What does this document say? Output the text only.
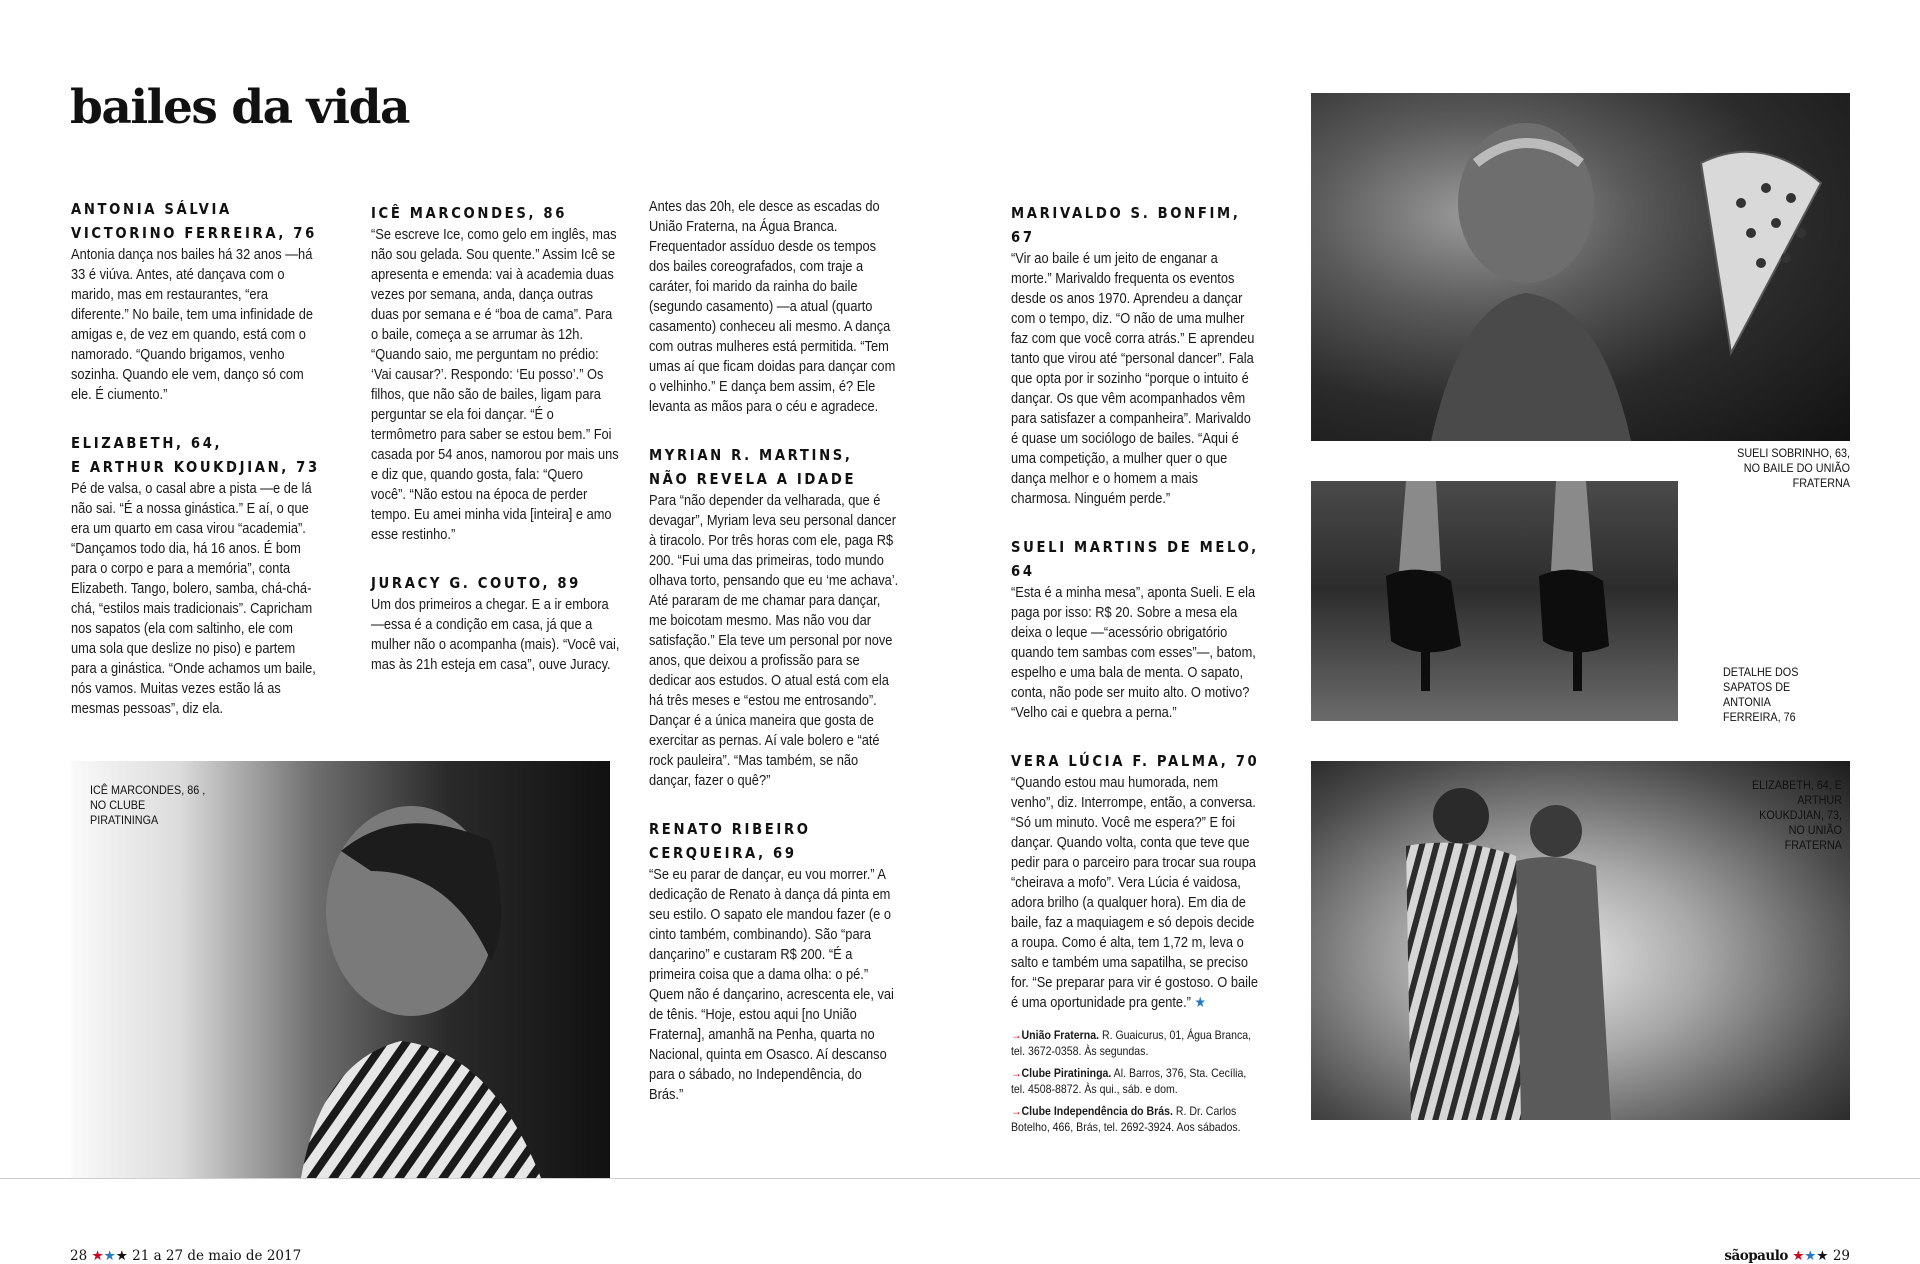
bailes da vida

ANTONIA SÁLVIA
VICTORINO FERREIRA, 76

Antonia dança nos bailes há 32 anos —há 33 é viúva. Antes, até dançava com o marido, mas em restaurantes, “era diferente.” No baile, tem uma infinidade de amigas e, de vez em quando, está com o namorado. “Quando brigamos, venho sozinha. Quando ele vem, danço só com ele. É ciumento.”

ELIZABETH, 64,
E ARTHUR KOUKDJIAN, 73

Pé de valsa, o casal abre a pista —e de lá não sai. “É a nossa ginástica.” E aí, o que era um quarto em casa virou “academia”. “Dançamos todo dia, há 16 anos. É bom para o corpo e para a memória”, conta Elizabeth. Tango, bolero, samba, chá-chá-chá, “estilos mais tradicionais”. Capricham nos sapatos (ela com saltinho, ele com uma sola que deslize no piso) e partem para a ginástica. “Onde achamos um baile, nós vamos. Muitas vezes estão lá as mesmas pessoas”, diz ela.

ICÊ MARCONDES, 86

“Se escreve Ice, como gelo em inglês, mas não sou gelada. Sou quente.” Assim Icê se apresenta e emenda: vai à academia duas vezes por semana, anda, dança outras duas por semana e é “boa de cama”. Para o baile, começa a se arrumar às 12h. “Quando saio, me perguntam no prédio: ‘Vai causar?’. Respondo: ‘Eu posso’.” Os filhos, que não são de bailes, ligam para perguntar se ela foi dançar. “É o termômetro para saber se estou bem.” Foi casada por 54 anos, namorou por mais uns e diz que, quando gosta, fala: “Quero você”. “Não estou na época de perder tempo. Eu amei minha vida [inteira] e amo esse restinho.”

JURACY G. COUTO, 89

Um dos primeiros a chegar. E a ir embora —essa é a condição em casa, já que a mulher não o acompanha (mais). “Você vai, mas às 21h esteja em casa”, ouve Juracy.

Antes das 20h, ele desce as escadas do União Fraterna, na Água Branca. Frequentador assíduo desde os tempos dos bailes coreografados, com traje a caráter, foi marido da rainha do baile (segundo casamento) —a atual (quarto casamento) conheceu ali mesmo. A dança com outras mulheres está permitida. “Tem umas aí que ficam doidas para dançar com o velhinho.” E dança bem assim, é? Ele levanta as mãos para o céu e agradece.

MYRIAN R. MARTINS,
NÃO REVELA A IDADE

Para “não depender da velharada, que é devagar”, Myriam leva seu personal dancer à tiracolo. Por três horas com ele, paga R$ 200. “Fui uma das primeiras, todo mundo olhava torto, pensando que eu ‘me achava’. Até pararam de me chamar para dançar, me boicotam mesmo. Mas não vou dar satisfação.” Ela teve um personal por nove anos, que deixou a profissão para se dedicar aos estudos. O atual está com ela há três meses e “estou me entrosando”. Dançar é a única maneira que gosta de exercitar as pernas. Aí vale bolero e “até rock pauleira”. “Mas também, se não dançar, fazer o quê?”

RENATO RIBEIRO
CERQUEIRA, 69

“Se eu parar de dançar, eu vou morrer.” A dedicação de Renato à dança dá pinta em seu estilo. O sapato ele mandou fazer (e o cinto também, combinando). São “para dançarino” e custaram R$ 200. “É a primeira coisa que a dama olha: o pé.” Quem não é dançarino, acrescenta ele, vai de tênis. “Hoje, estou aqui [no União Fraterna], amanhã na Penha, quarta no Nacional, quinta em Osasco. Aí descanso para o sábado, no Independência, do Brás.”

MARIVALDO S. BONFIM, 67

“Vir ao baile é um jeito de enganar a morte.” Marivaldo frequenta os eventos desde os anos 1970. Aprendeu a dançar com o tempo, diz. “O não de uma mulher faz com que você corra atrás.” E aprendeu tanto que virou até “personal dancer”. Fala que opta por ir sozinho “porque o intuito é dançar. Os que vêm acompanhados vêm para satisfazer a companheira”. Marivaldo é quase um sociólogo de bailes. “Aqui é uma competição, a mulher quer o que dança melhor e o homem a mais charmosa. Ninguém perde.”

SUELI MARTINS DE MELO, 64

“Esta é a minha mesa”, aponta Sueli. E ela paga por isso: R$ 20. Sobre a mesa ela deixa o leque —“acessório obrigatório quando tem sambas com esses”—, batom, espelho e uma bala de menta. O sapato, conta, não pode ser muito alto. O motivo? “Velho cai e quebra a perna.”

VERA LÚCIA F. PALMA, 70

“Quando estou mau humorada, nem venho”, diz. Interrompe, então, a conversa. “Só um minuto. Você me espera?” E foi dançar. Quando volta, conta que teve que pedir para o parceiro para trocar sua roupa “cheirava a mofo”. Vera Lúcia é vaidosa, adora brilho (a qualquer hora). Em dia de baile, faz a maquiagem e só depois decide a roupa. Como é alta, tem 1,72 m, leva o salto e também uma sapatilha, se preciso for. “Se preparar para vir é gostoso. O baile é uma oportunidade pra gente.” ★

→União Fraterna. R. Guaicurus, 01, Água Branca, tel. 3672-0358. Às segundas.

→Clube Piratininga. Al. Barros, 376, Sta. Cecília, tel. 4508-8872. Às qui., sáb. e dom.

→Clube Independência do Brás. R. Dr. Carlos Botelho, 466, Brás, tel. 2692-3924. Aos sábados.

SUELI SOBRINHO, 63, NO BAILE DO UNIÃO FRATERNA
DETALHE DOS SAPATOS DE ANTONIA FERREIRA, 76
ELIZABETH, 64, E ARTHUR KOUKDJIAN, 73, NO UNIÃO FRATERNA
ICÊ MARCONDES, 86 , NO CLUBE PIRATININGA
28 ★★★ 21 a 27 de maio de 2017	sãopaulo ★★★ 29
